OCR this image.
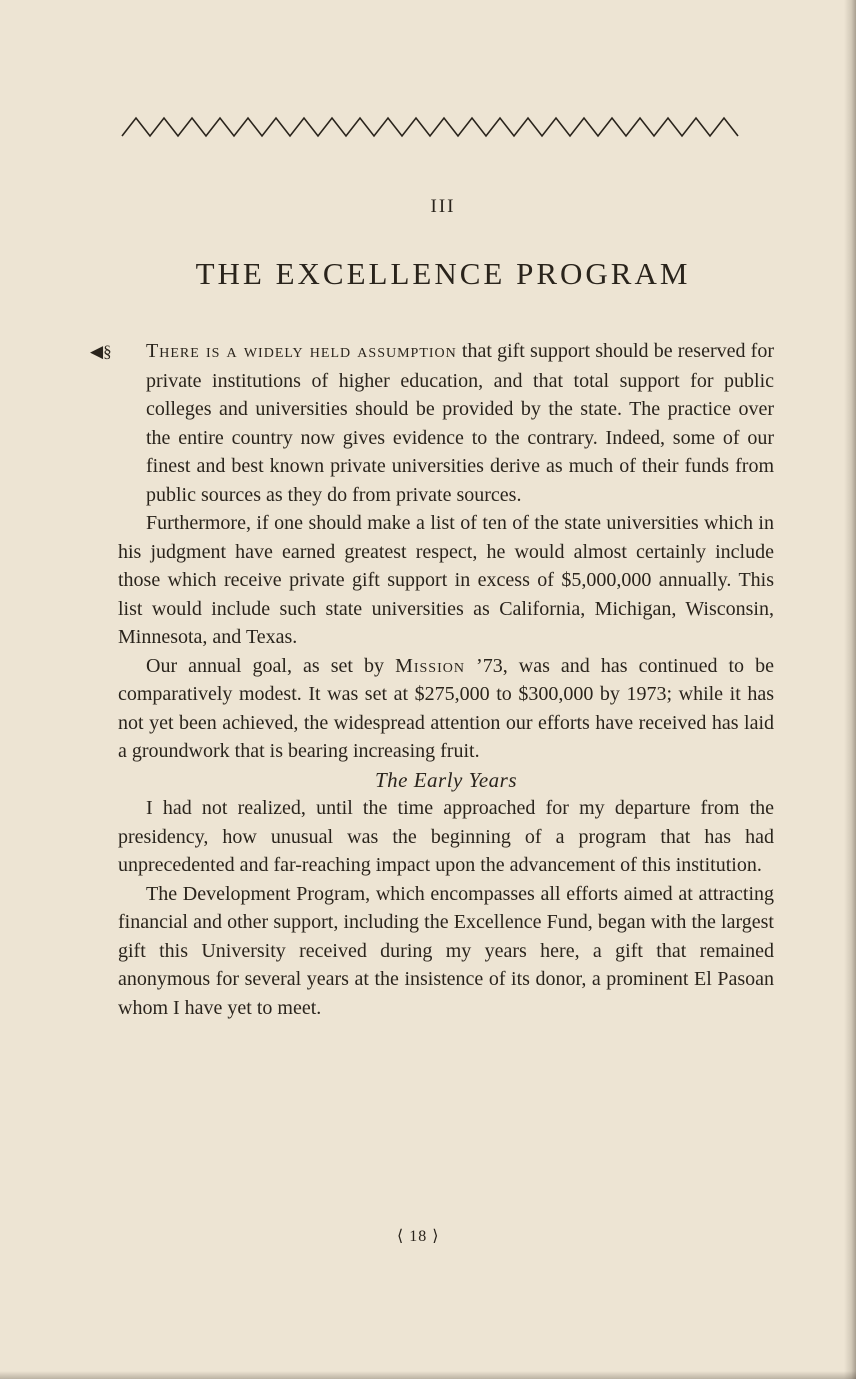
III
THE EXCELLENCE PROGRAM

◀§ There is a widely held assumption that gift support should be reserved for private institutions of higher education, and that total support for public colleges and universities should be provided by the state. The practice over the entire country now gives evidence to the contrary. Indeed, some of our finest and best known private universities derive as much of their funds from public sources as they do from private sources.

Furthermore, if one should make a list of ten of the state universities which in his judgment have earned greatest respect, he would almost certainly include those which receive private gift support in excess of $5,000,000 annually. This list would include such state universities as California, Michigan, Wisconsin, Minnesota, and Texas.

Our annual goal, as set by Mission ’73, was and has continued to be comparatively modest. It was set at $275,000 to $300,000 by 1973; while it has not yet been achieved, the widespread attention our efforts have received has laid a groundwork that is bearing increasing fruit.

The Early Years

I had not realized, until the time approached for my departure from the presidency, how unusual was the beginning of a program that has had unprecedented and far-reaching impact upon the advancement of this institution.

The Development Program, which encompasses all efforts aimed at attracting financial and other support, including the Excellence Fund, began with the largest gift this University received during my years here, a gift that remained anonymous for several years at the insistence of its donor, a prominent El Pasoan whom I have yet to meet.

⟨ 18 ⟩
